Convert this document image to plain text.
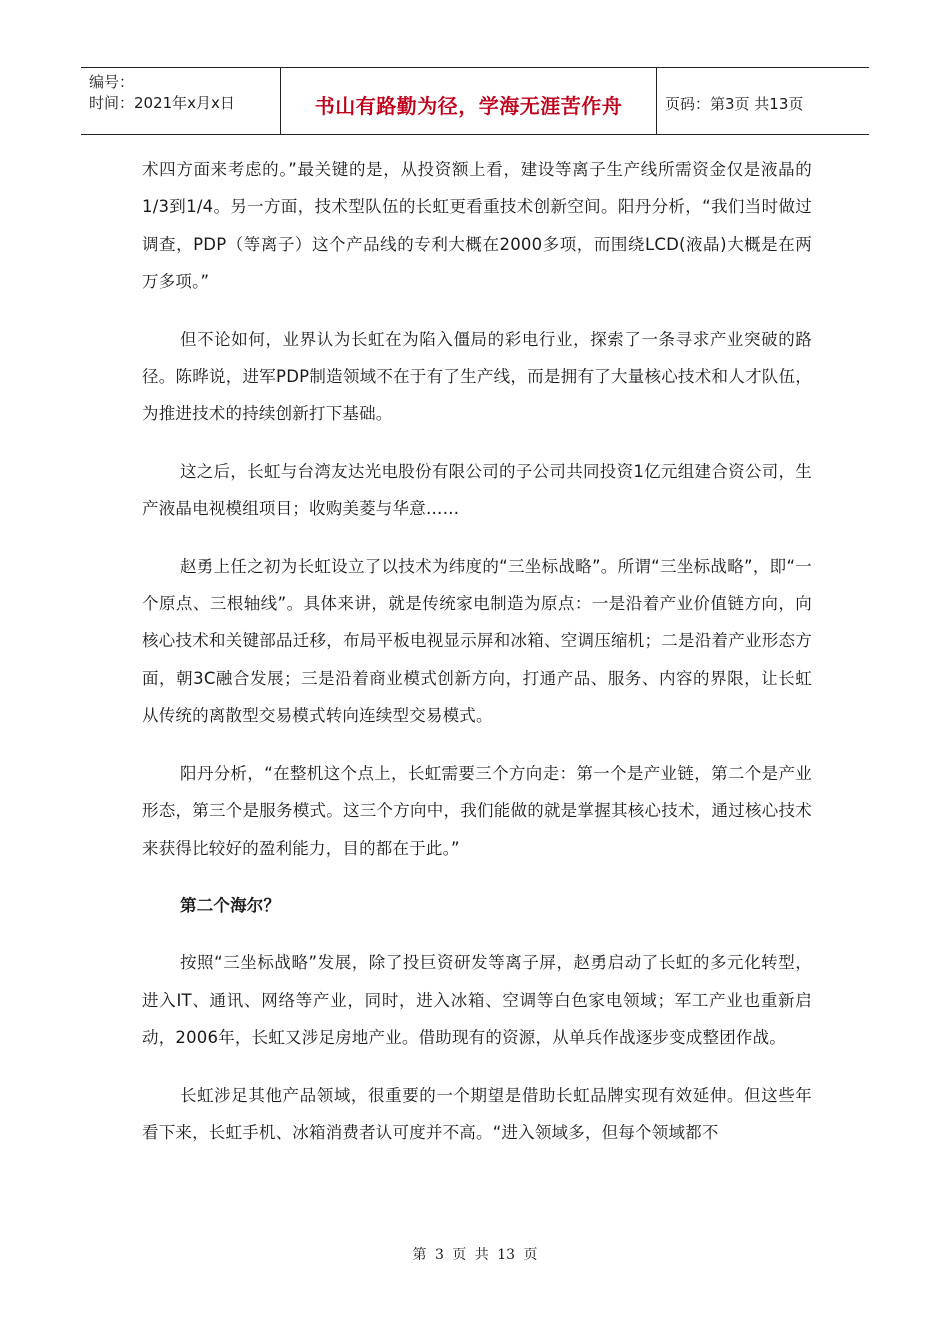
编号：
时间：2021年x月x日	书山有路勤为径，学海无涯苦作舟	页码：第3页 共13页

术四方面来考虑的。”最关键的是，从投资额上看，建设等离子生产线所需资金仅是液晶的1/3到1/4。另一方面，技术型队伍的长虹更看重技术创新空间。阳丹分析，“我们当时做过调查，PDP（等离子）这个产品线的专利大概在2000多项，而围绕LCD(液晶)大概是在两万多项。”

但不论如何，业界认为长虹在为陷入僵局的彩电行业，探索了一条寻求产业突破的路径。陈晔说，进军PDP制造领域不在于有了生产线，而是拥有了大量核心技术和人才队伍，为推进技术的持续创新打下基础。

这之后，长虹与台湾友达光电股份有限公司的子公司共同投资1亿元组建合资公司，生产液晶电视模组项目；收购美菱与华意……

赵勇上任之初为长虹设立了以技术为纬度的“三坐标战略”。所谓“三坐标战略”，即“一个原点、三根轴线”。具体来讲，就是传统家电制造为原点：一是沿着产业价值链方向，向核心技术和关键部品迁移，布局平板电视显示屏和冰箱、空调压缩机；二是沿着产业形态方面，朝3C融合发展；三是沿着商业模式创新方向，打通产品、服务、内容的界限，让长虹从传统的离散型交易模式转向连续型交易模式。

阳丹分析，“在整机这个点上，长虹需要三个方向走：第一个是产业链，第二个是产业形态，第三个是服务模式。这三个方向中，我们能做的就是掌握其核心技术，通过核心技术来获得比较好的盈利能力，目的都在于此。”

第二个海尔？

按照“三坐标战略”发展，除了投巨资研发等离子屏，赵勇启动了长虹的多元化转型，进入IT、通讯、网络等产业，同时，进入冰箱、空调等白色家电领域；军工产业也重新启动，2006年，长虹又涉足房地产业。借助现有的资源，从单兵作战逐步变成整团作战。

长虹涉足其他产品领域，很重要的一个期望是借助长虹品牌实现有效延伸。但这些年看下来，长虹手机、冰箱消费者认可度并不高。“进入领域多，但每个领域都不

第 3 页 共 13 页
